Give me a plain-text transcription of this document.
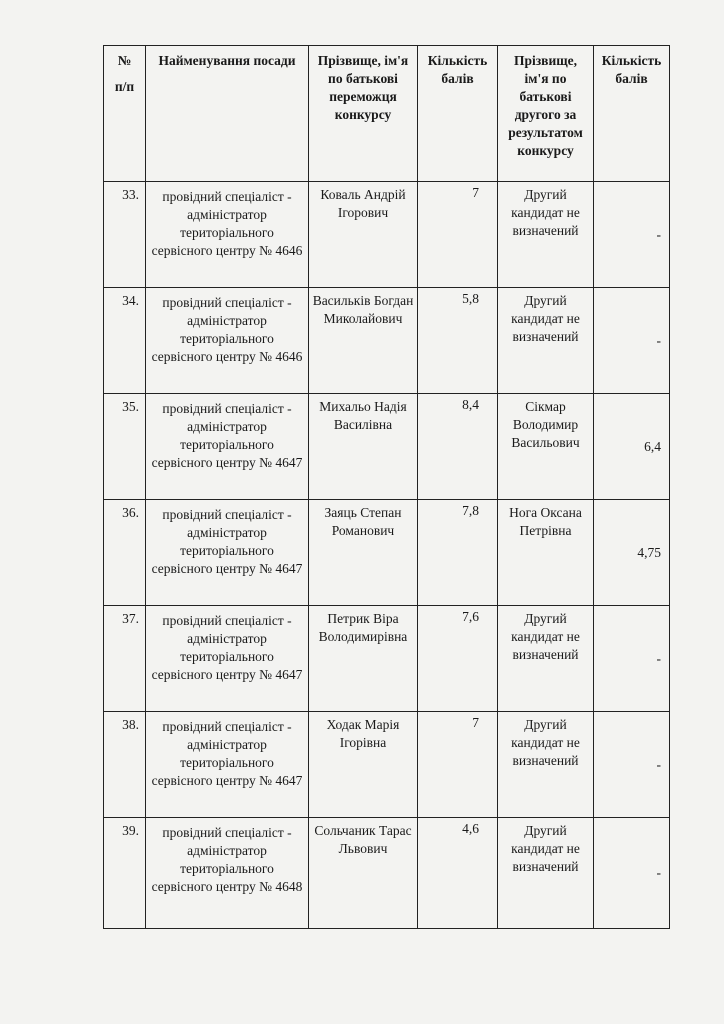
№
п/п	Найменування посади	Прізвище, ім'я по батькові переможця конкурсу	Кількість балів	Прізвище, ім'я по батькові другого за результатом конкурсу	Кількість балів
33.	провідний спеціаліст - адміністратор територіального сервісного центру № 4646	Коваль Андрій Ігорович	7	Другий кандидат не визначений	-
34.	провідний спеціаліст - адміністратор територіального сервісного центру № 4646	Васильків Богдан Миколайович	5,8	Другий кандидат не визначений	-
35.	провідний спеціаліст - адміністратор територіального сервісного центру № 4647	Михальо Надія Василівна	8,4	Сікмар Володимир Васильович	6,4
36.	провідний спеціаліст - адміністратор територіального сервісного центру № 4647	Заяць Степан Романович	7,8	Нога Оксана Петрівна	4,75
37.	провідний спеціаліст - адміністратор територіального сервісного центру № 4647	Петрик Віра Володимирівна	7,6	Другий кандидат не визначений	-
38.	провідний спеціаліст - адміністратор територіального сервісного центру № 4647	Ходак Марія Ігорівна	7	Другий кандидат не визначений	-
39.	провідний спеціаліст - адміністратор територіального сервісного центру № 4648	Сольчаник Тарас Львович	4,6	Другий кандидат не визначений	-
